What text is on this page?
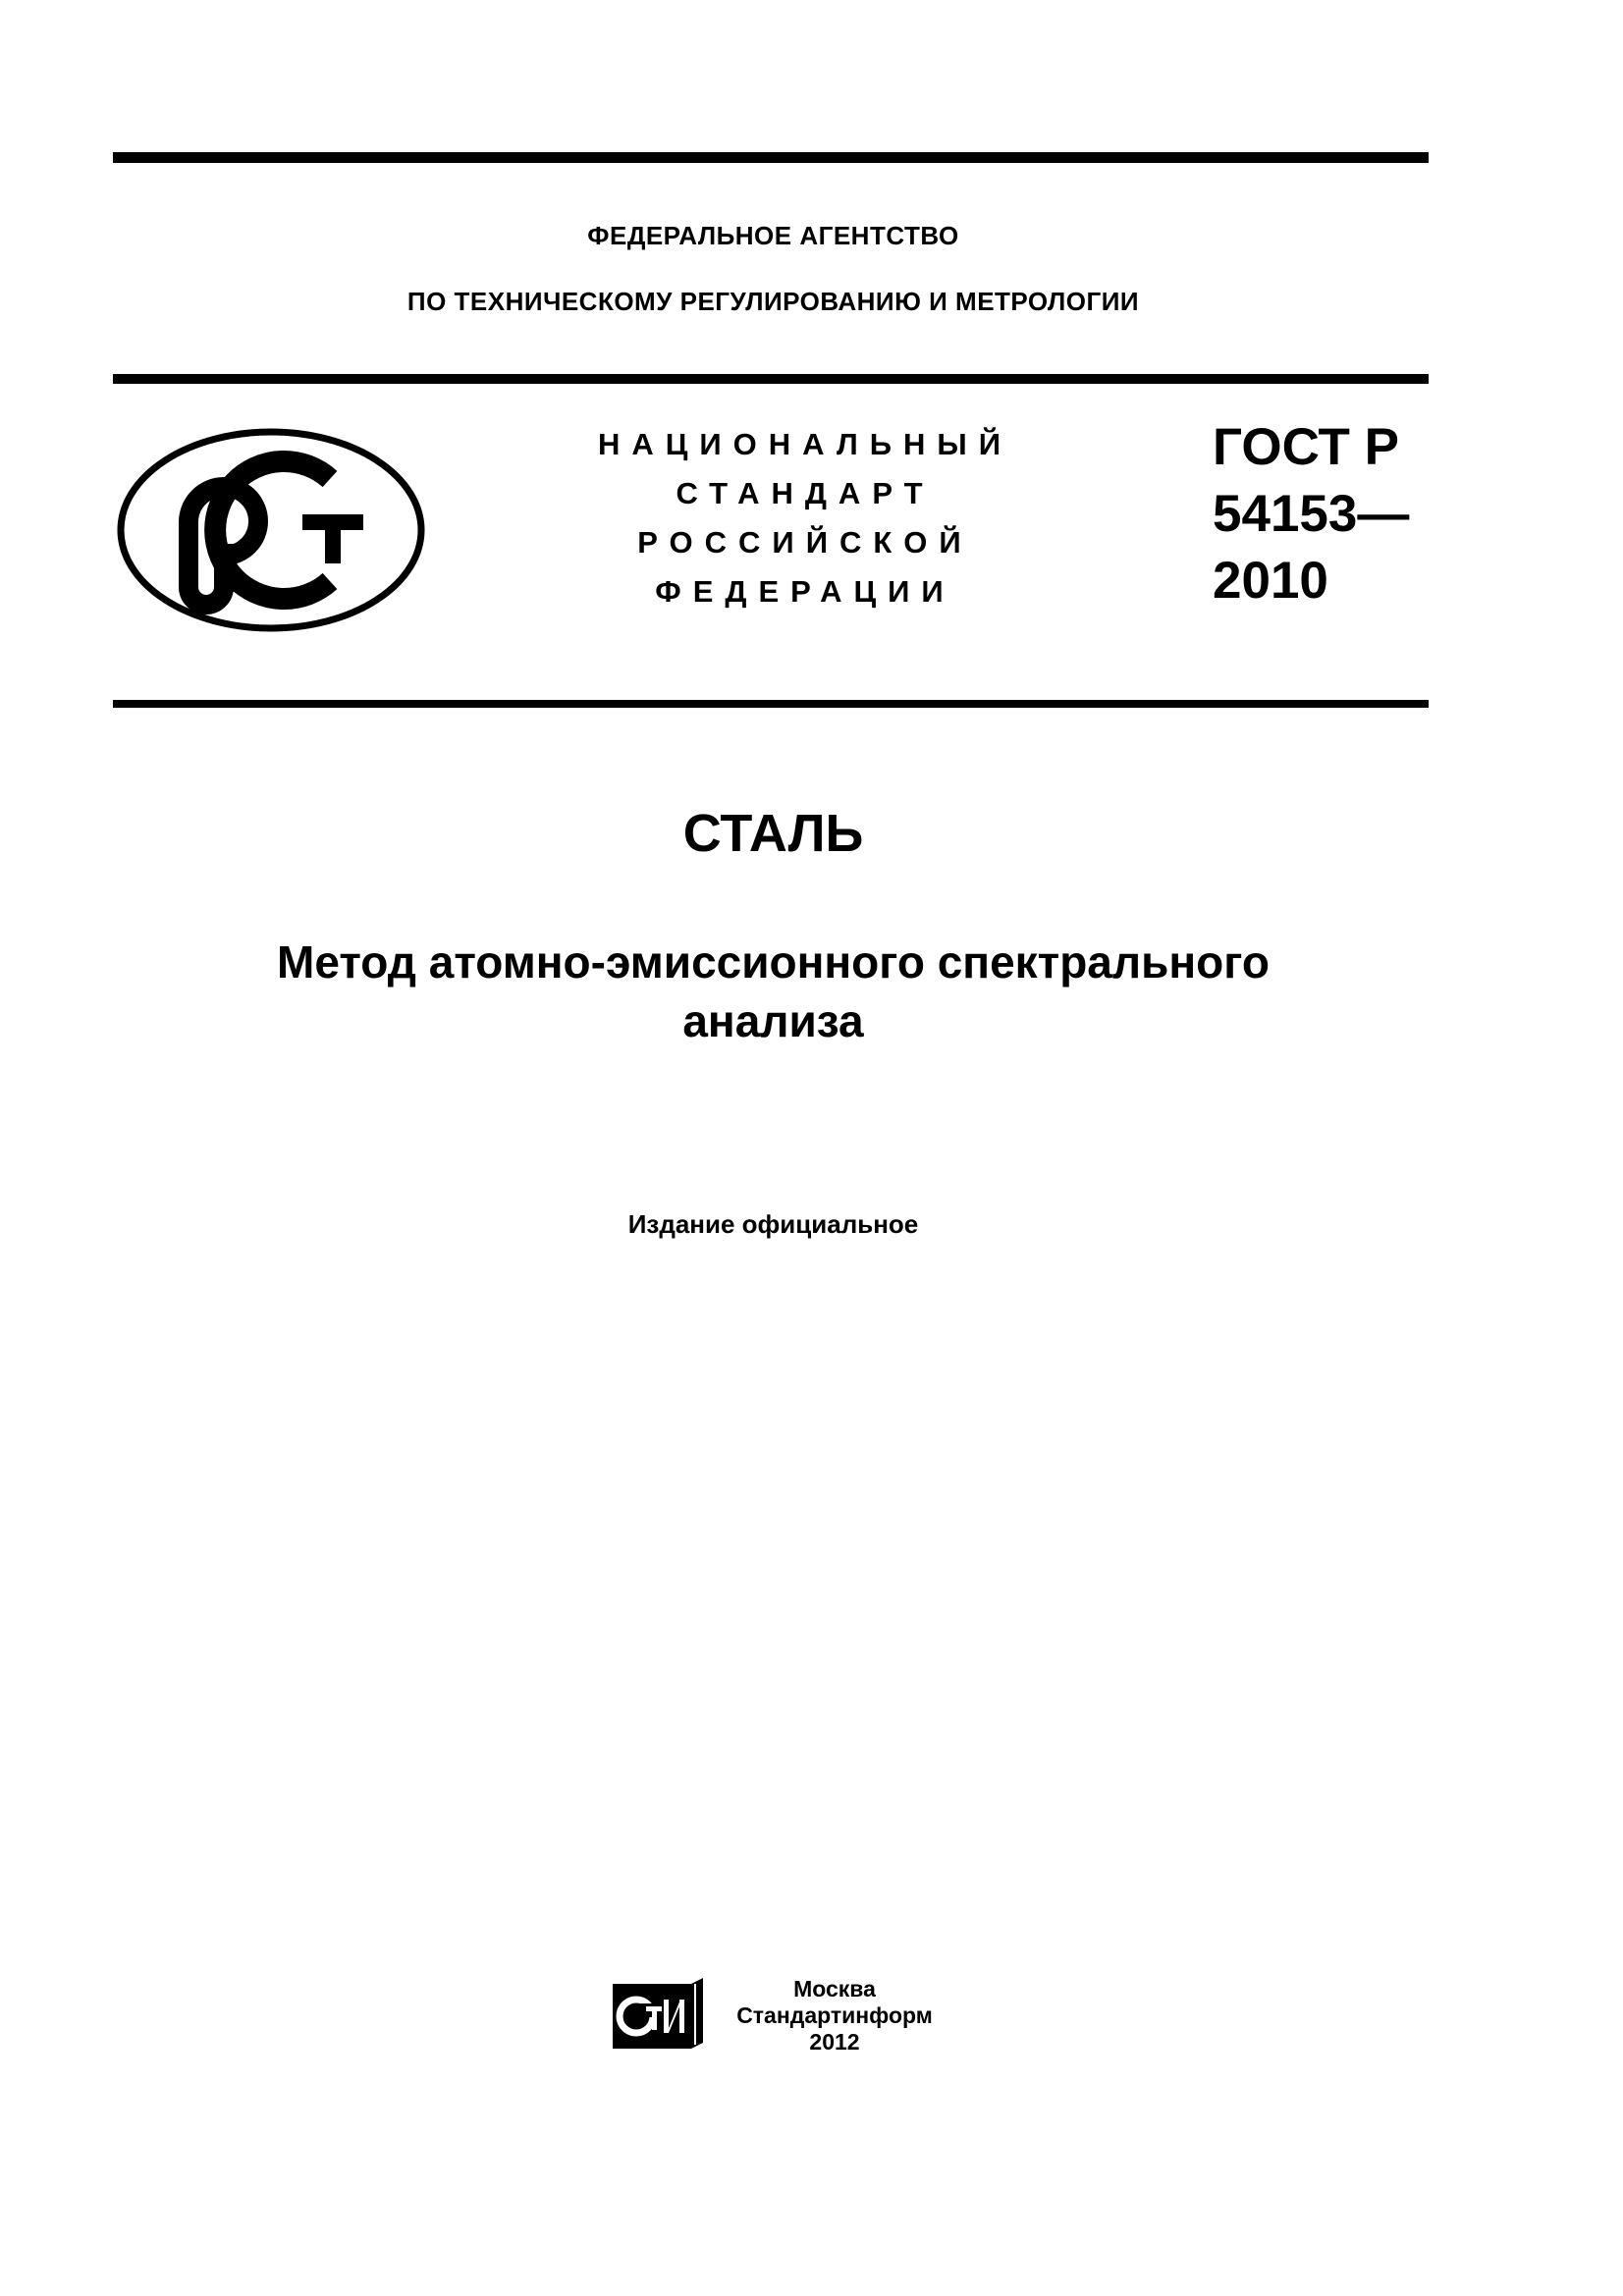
ФЕДЕРАЛЬНОЕ АГЕНТСТВО
ПО ТЕХНИЧЕСКОМУ РЕГУЛИРОВАНИЮ И МЕТРОЛОГИИ
НАЦИОНАЛЬНЫЙ
СТАНДАРТ
РОССИЙСКОЙ
ФЕДЕРАЦИИ
ГОСТ Р
54153—
2010
СТАЛЬ
Метод атомно-эмиссионного спектрального
анализа
Издание официальное
Москва
Стандартинформ
2012
